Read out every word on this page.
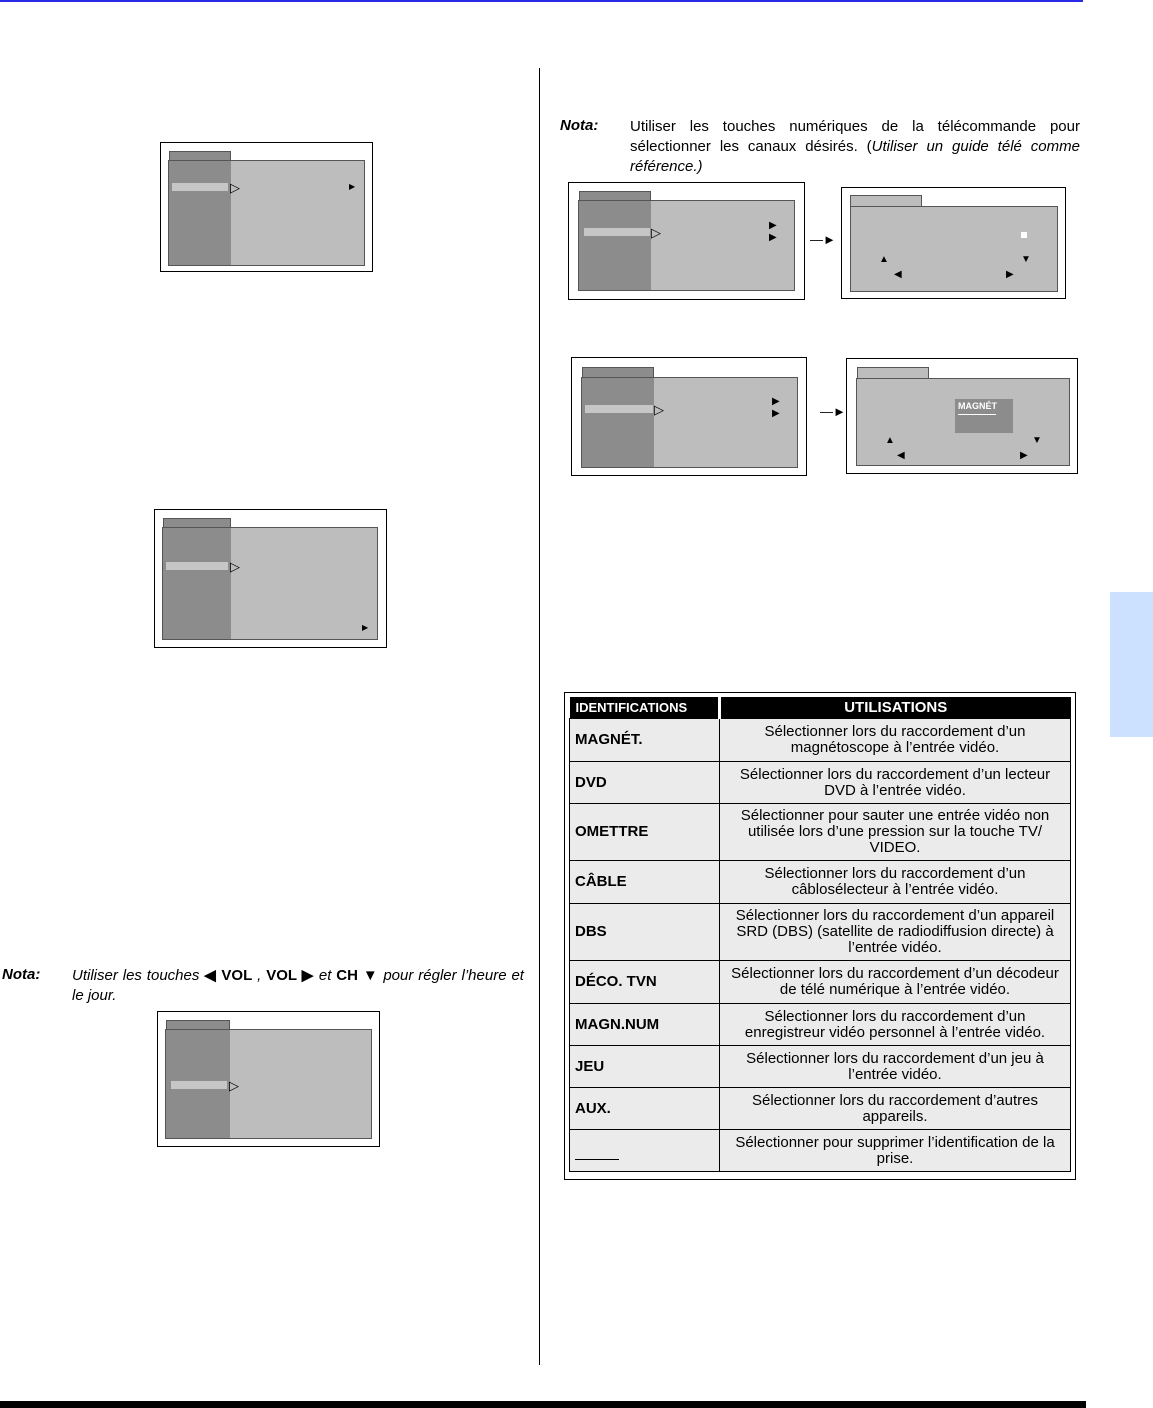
▷	▶
▷
▶
Nota: Utiliser les touches ◀ VOL , VOL ▶ et CH ▼ pour régler l’heure et le jour.
▷
Nota: Utiliser les touches numériques de la télécommande pour sélectionner les canaux désirés. (Utiliser un guide télé comme référence.)
▷	▶
▶	—►
▼
▲
◀	▶
▷
▶
▶	—►	MAGNÉT
▲	▼
◀	▶
IDENTIFICATIONS	UTILISATIONS
MAGNÉT.	Sélectionner lors du raccordement d’un magnétoscope à l’entrée vidéo.
DVD	Sélectionner lors du raccordement d’un lecteur DVD à l’entrée vidéo.
OMETTRE	Sélectionner pour sauter une entrée vidéo non utilisée lors d’une pression sur la touche TV/ VIDEO.
CÂBLE	Sélectionner lors du raccordement d’un câblosélecteur à l’entrée vidéo.
DBS	Sélectionner lors du raccordement d’un appareil SRD (DBS) (satellite de radiodiffusion directe) à l’entrée vidéo.
DÉCO. TVN	Sélectionner lors du raccordement d’un décodeur de télé numérique à l’entrée vidéo.
MAGN.NUM	Sélectionner lors du raccordement d’un enregistreur vidéo personnel à l’entrée vidéo.
JEU	Sélectionner lors du raccordement d’un jeu à l’entrée vidéo.
AUX.	Sélectionner lors du raccordement d’autres appareils.
	Sélectionner pour supprimer l’identification de la prise.
